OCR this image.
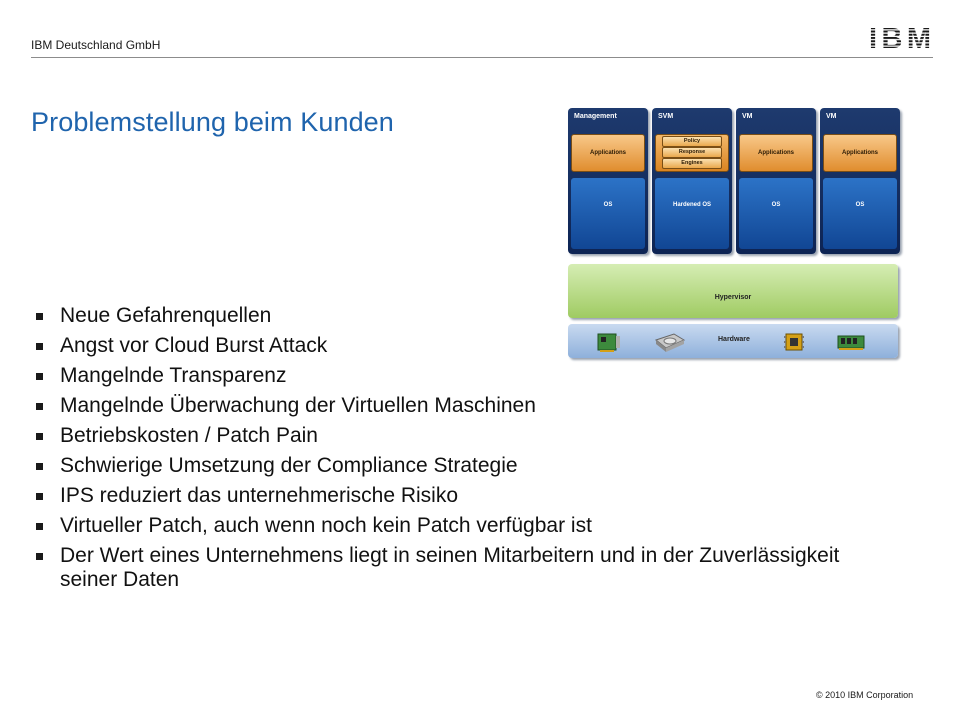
IBM Deutschland GmbH	IBM
Problemstellung beim Kunden	Management
Applications
OS
SVM
Policy
Response
Engines
Hardened OS
VM
Applications
OS
VM
Applications
OS
Hypervisor
Hardware
Neue Gefahrenquellen
Angst vor Cloud Burst Attack
Mangelnde Transparenz
Mangelnde Überwachung der Virtuellen Maschinen
Betriebskosten / Patch Pain
Schwierige Umsetzung der Compliance Strategie
IPS reduziert das unternehmerische Risiko
Virtueller Patch, auch wenn noch kein Patch verfügbar ist
Der Wert eines Unternehmens liegt in seinen Mitarbeitern und in der Zuverlässigkeit seiner Daten
© 2010 IBM Corporation
